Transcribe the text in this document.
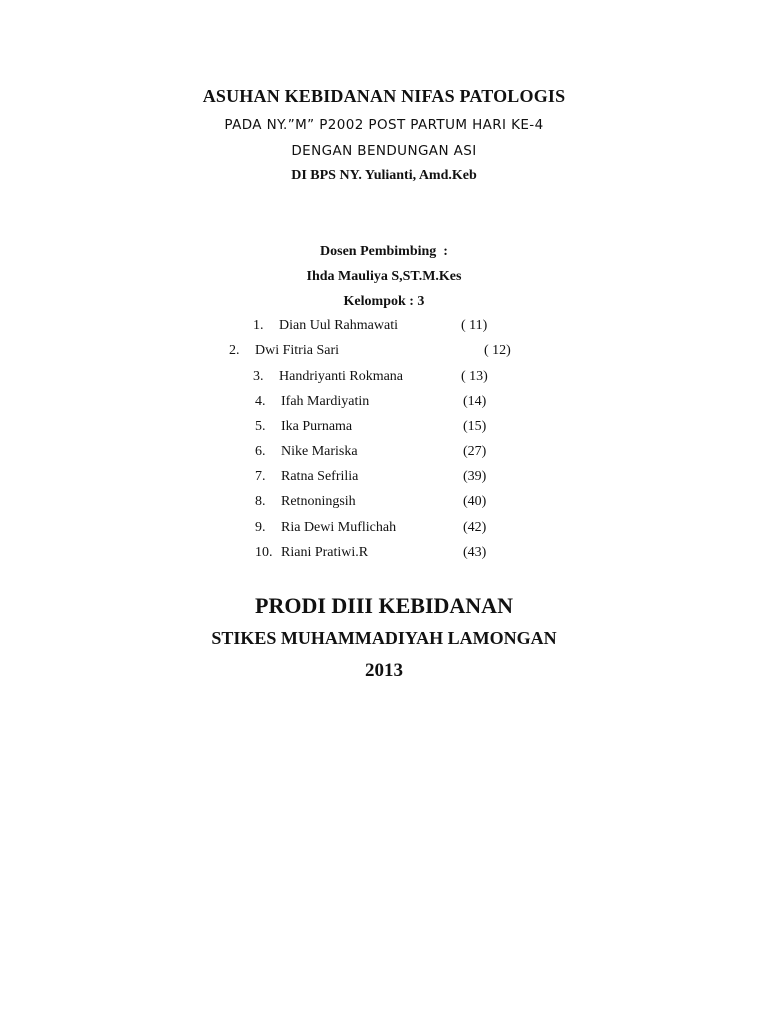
ASUHAN KEBIDANAN NIFAS PATOLOGIS
PADA NY.”M” P2002 POST PARTUM HARI KE-4
DENGAN BENDUNGAN ASI
DI BPS NY. Yulianti, Amd.Keb
Dosen Pembimbing  :
Ihda Mauliya S,ST.M.Kes
Kelompok : 3
1. Dian Uul Rahmawati	( 11)
2. Dwi Fitria Sari	( 12)
3. Handriyanti Rokmana	( 13)
4. Ifah Mardiyatin	(14)
5. Ika Purnama	(15)
6. Nike Mariska	(27)
7. Ratna Sefrilia	(39)
8. Retnoningsih	(40)
9. Ria Dewi Muflichah	(42)
10. Riani Pratiwi.R	(43)
PRODI DIII KEBIDANAN
STIKES MUHAMMADIYAH LAMONGAN
2013
